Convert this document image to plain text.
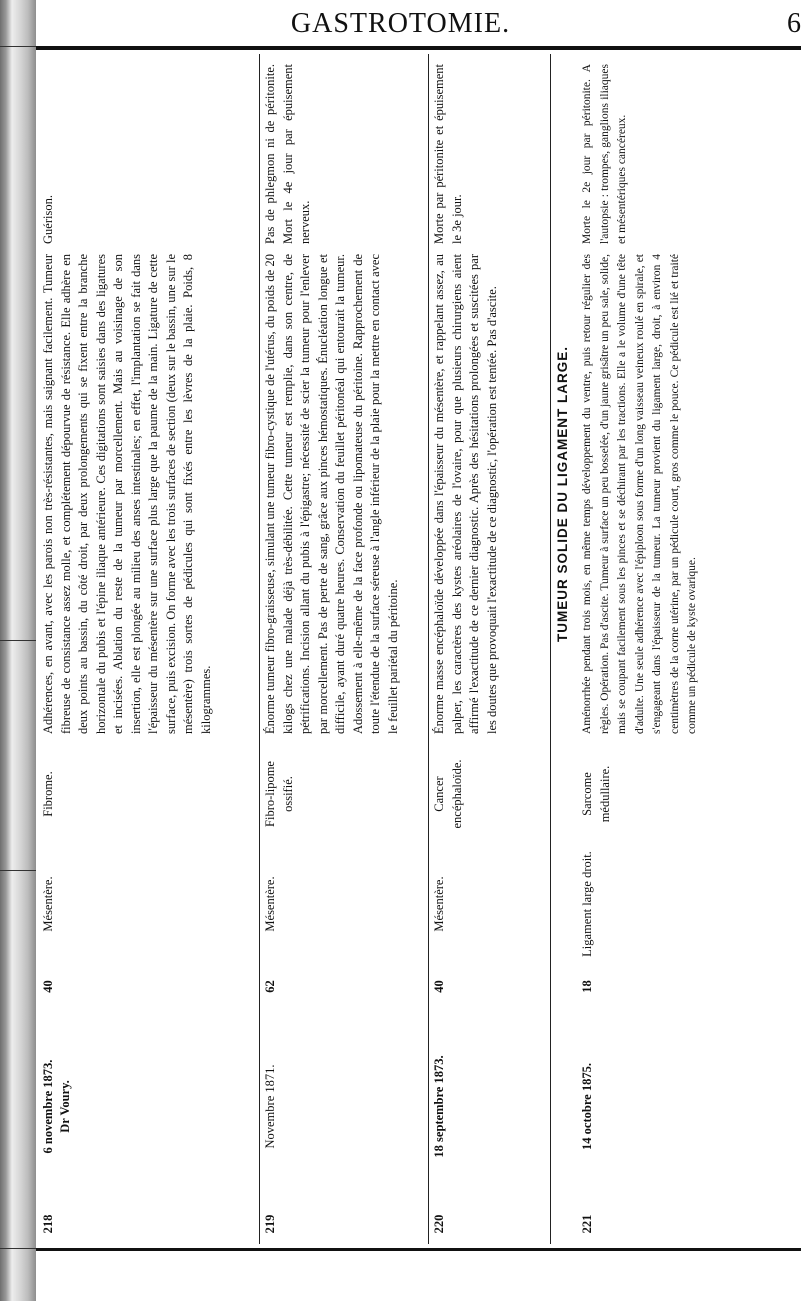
GASTROTOMIE.	6
218
6 novembre 1873. Dr Voury.
40
Mésentère.
Fibrome.
Adhérences, en avant, avec les parois non très-résistantes, mais saignant facilement. Tumeur fibreuse de consistance assez molle, et complétement dépourvue de résistance. Elle adhère en deux points au bassin, du côté droit, par deux prolongements qui se fixent entre la branche horizontale du pubis et l'épine iliaque antérieure. Ces digitations sont saisies dans des ligatures et incisées. Ablation du reste de la tumeur par morcellement. Mais au voisinage de son insertion, elle est plongée au milieu des anses intestinales; en effet, l'implantation se fait dans l'épaisseur du mésentère sur une surface plus large que la paume de la main. Ligature de cette surface, puis excision. On forme avec les trois surfaces de section (deux sur le bassin, une sur le mésentère) trois sortes de pédicules qui sont fixés entre les lèvres de la plaie. Poids, 8 kilogrammes.
Guérison.
219
Novembre 1871.
62
Mésentère.
Fibro-lipome ossifié.
Énorme tumeur fibro-graisseuse, simulant une tumeur fibro-cystique de l'utérus, du poids de 20 kilogs chez une malade déjà très-débilitée. Cette tumeur est remplie, dans son centre, de pétrifications. Incision allant du pubis à l'épigastre; nécessité de scier la tumeur pour l'enlever par morcellement. Pas de perte de sang, grâce aux pinces hémostatiques. Énucléation longue et difficile, ayant duré quatre heures. Conservation du feuillet péritonéal qui entourait la tumeur. Adossement à elle-même de la face profonde ou lipomateuse du péritoine. Rapprochement de toute l'étendue de la surface séreuse à l'angle inférieur de la plaie pour la mettre en contact avec le feuillet pariétal du péritoine.
Pas de phlegmon ni de péritonite. Mort le 4e jour par épuisement nerveux.
220
18 septembre 1873.
40
Mésentère.
Cancer encéphaloïde.
Énorme masse encéphaloïde développée dans l'épaisseur du mésentère, et rappelant assez, au palper, les caractères des kystes aréolaires de l'ovaire, pour que plusieurs chirurgiens aient affirmé l'exactitude de ce dernier diagnostic. Après des hésitations prolongées et suscitées par les doutes que provoquait l'exactitude de ce diagnostic, l'opération est tentée. Pas d'ascite.
Morte par péritonite et épuisement le 3e jour.
TUMEUR SOLIDE DU LIGAMENT LARGE.
221
14 octobre 1875.
18
Ligament large droit.
Sarcome médullaire.
Aménorrhée pendant trois mois, en même temps développement du ventre, puis retour régulier des règles. Opération. Pas d'ascite. Tumeur à surface un peu bosselée, d'un jaune grisâtre un peu sale, solide, mais se coupant facilement sous les pinces et se déchirant par les tractions. Elle a le volume d'une tête d'adulte. Une seule adhérence avec l'épiploon sous forme d'un long vaisseau veineux roulé en spirale, et s'engageant dans l'épaisseur de la tumeur. La tumeur provient du ligament large, droit, à environ 4 centimètres de la corne utérine, par un pédicule court, gros comme le pouce. Ce pédicule est lié et traité comme un pédicule de kyste ovarique.
Morte le 2e jour par péritonite. A l'autopsie : trompes, ganglions iliaques et mésentériques cancéreux.
